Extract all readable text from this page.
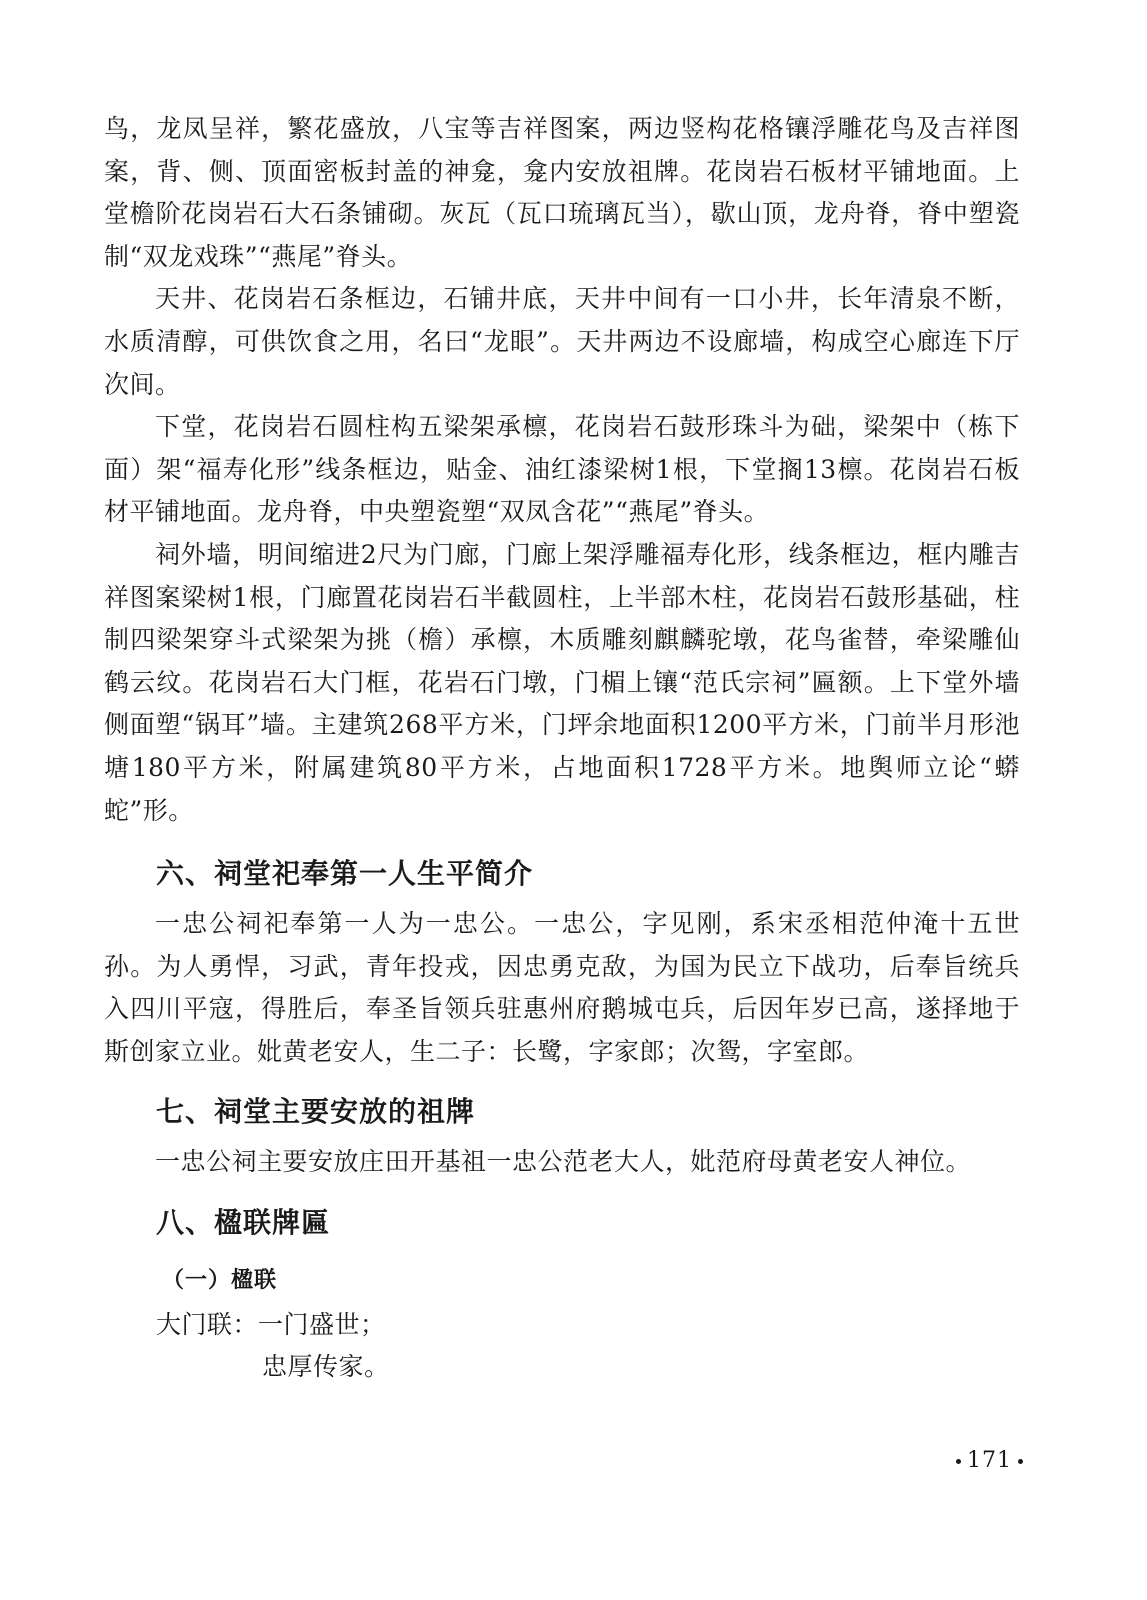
鸟，龙凤呈祥，繁花盛放，八宝等吉祥图案，两边竖构花格镶浮雕花鸟及吉祥图案，背、侧、顶面密板封盖的神龛，龛内安放祖牌。花岗岩石板材平铺地面。上堂檐阶花岗岩石大石条铺砌。灰瓦（瓦口琉璃瓦当），歇山顶，龙舟脊，脊中塑瓷制“双龙戏珠”“燕尾”脊头。

天井、花岗岩石条框边，石铺井底，天井中间有一口小井，长年清泉不断，水质清醇，可供饮食之用，名曰“龙眼”。天井两边不设廊墙，构成空心廊连下厅次间。

下堂，花岗岩石圆柱构五梁架承檩，花岗岩石鼓形珠斗为础，梁架中（栋下面）架“福寿化形”线条框边，贴金、油红漆梁树1根，下堂搁13檩。花岗岩石板材平铺地面。龙舟脊，中央塑瓷塑“双凤含花”“燕尾”脊头。

祠外墙，明间缩进2尺为门廊，门廊上架浮雕福寿化形，线条框边，框内雕吉祥图案梁树1根，门廊置花岗岩石半截圆柱，上半部木柱，花岗岩石鼓形基础，柱制四梁架穿斗式梁架为挑（檐）承檩，木质雕刻麒麟驼墩，花鸟雀替，牵梁雕仙鹤云纹。花岗岩石大门框，花岩石门墩，门楣上镶“范氏宗祠”匾额。上下堂外墙侧面塑“锅耳”墙。主建筑268平方米，门坪余地面积1200平方米，门前半月形池塘180平方米，附属建筑80平方米，占地面积1728平方米。地舆师立论“蟒蛇”形。

六、祠堂祀奉第一人生平简介

一忠公祠祀奉第一人为一忠公。一忠公，字见刚，系宋丞相范仲淹十五世孙。为人勇悍，习武，青年投戎，因忠勇克敌，为国为民立下战功，后奉旨统兵入四川平寇，得胜后，奉圣旨领兵驻惠州府鹅城屯兵，后因年岁已高，遂择地于斯创家立业。妣黄老安人，生二子：长鹭，字家郎；次鸳，字室郎。

七、祠堂主要安放的祖牌

一忠公祠主要安放庄田开基祖一忠公范老大人，妣范府母黄老安人神位。

八、楹联牌匾
（一）楹联

大门联：一门盛世；

忠厚传家。

171
